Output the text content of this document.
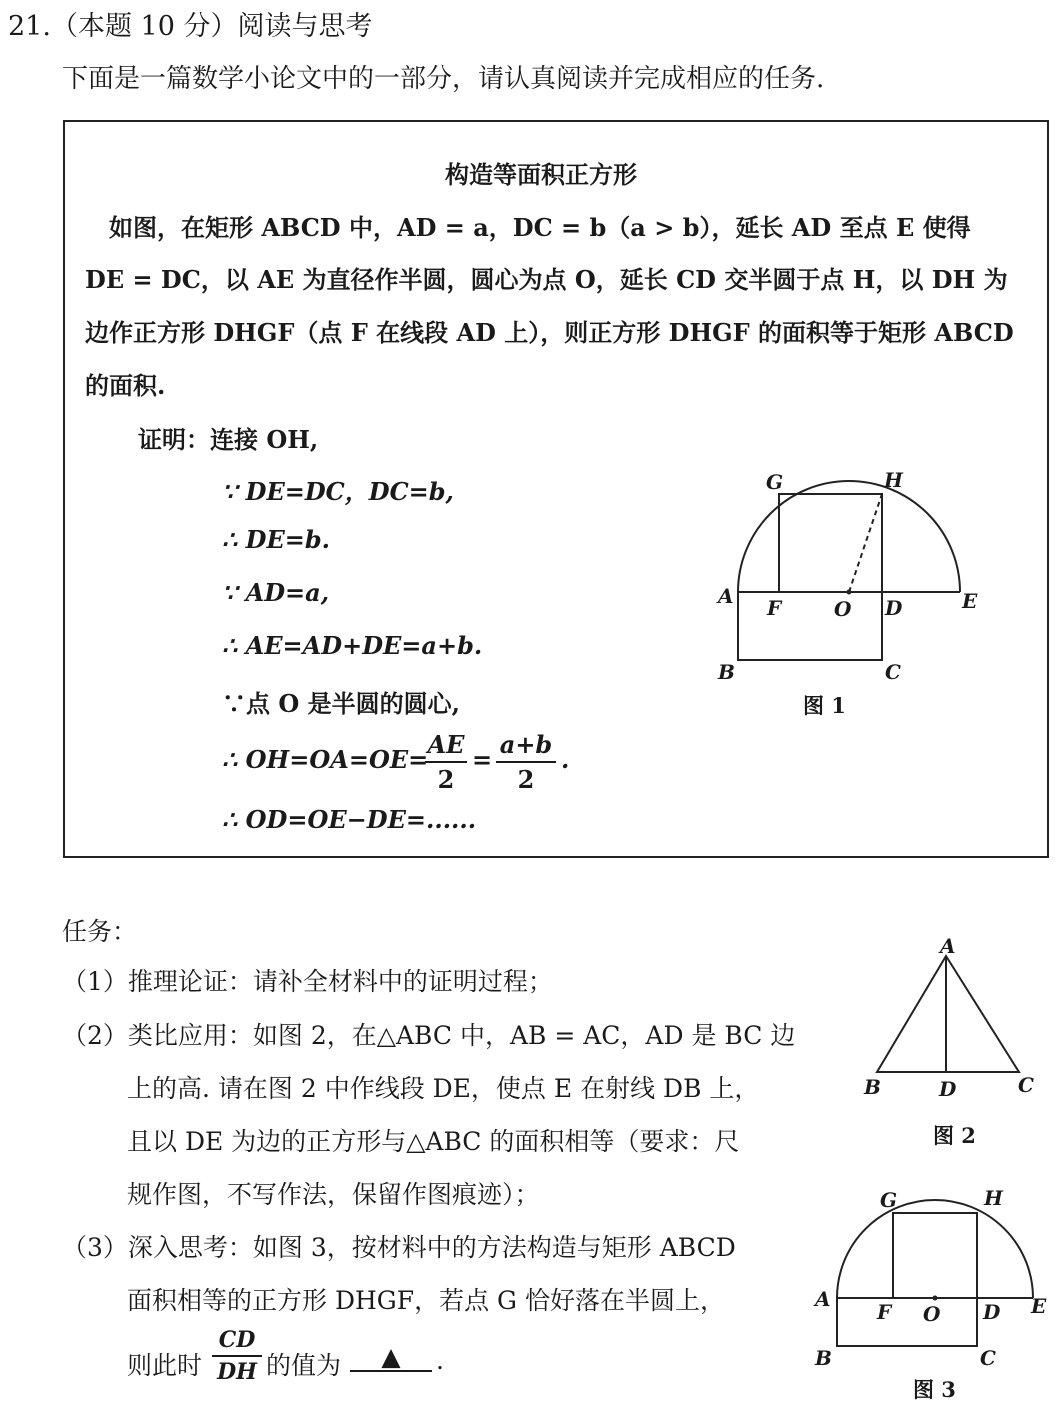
21.（本题 10 分）阅读与思考
下面是一篇数学小论文中的一部分，请认真阅读并完成相应的任务.
构造等面积正方形
　如图，在矩形 ABCD 中，AD = a，DC = b（a > b），延长 AD 至点 E 使得
DE = DC，以 AE 为直径作半圆，圆心为点 O，延长 CD 交半圆于点 H，以 DH 为
边作正方形 DHGF（点 F 在线段 AD 上），则正方形 DHGF 的面积等于矩形 ABCD
的面积.
证明：连接 OH,
∵ DE=DC，DC=b,
∴ DE=b.
∵ AD=a,
∴ AE=AD+DE=a+b.
∵点 O 是半圆的圆心,
∴ OH=OA=OE=
AE
2
=
a+b
2
.
∴ OD=OE−DE=......
G	H
A F	O D	E
B	C
图 1
任务：
（1）推理论证：请补全材料中的证明过程；
（2）类比应用：如图 2，在△ABC 中，AB = AC，AD 是 BC 边
上的高. 请在图 2 中作线段 DE，使点 E 在射线 DB 上，
且以 DE 为边的正方形与△ABC 的面积相等（要求：尺
规作图，不写作法，保留作图痕迹）；
（3）深入思考：如图 3，按材料中的方法构造与矩形 ABCD
面积相等的正方形 DHGF，若点 G 恰好落在半圆上，
则此时
CD
DH 的值为	▲	.
A
B	D	C
图 2
G	H
A
F O D E
B	C
图 3
